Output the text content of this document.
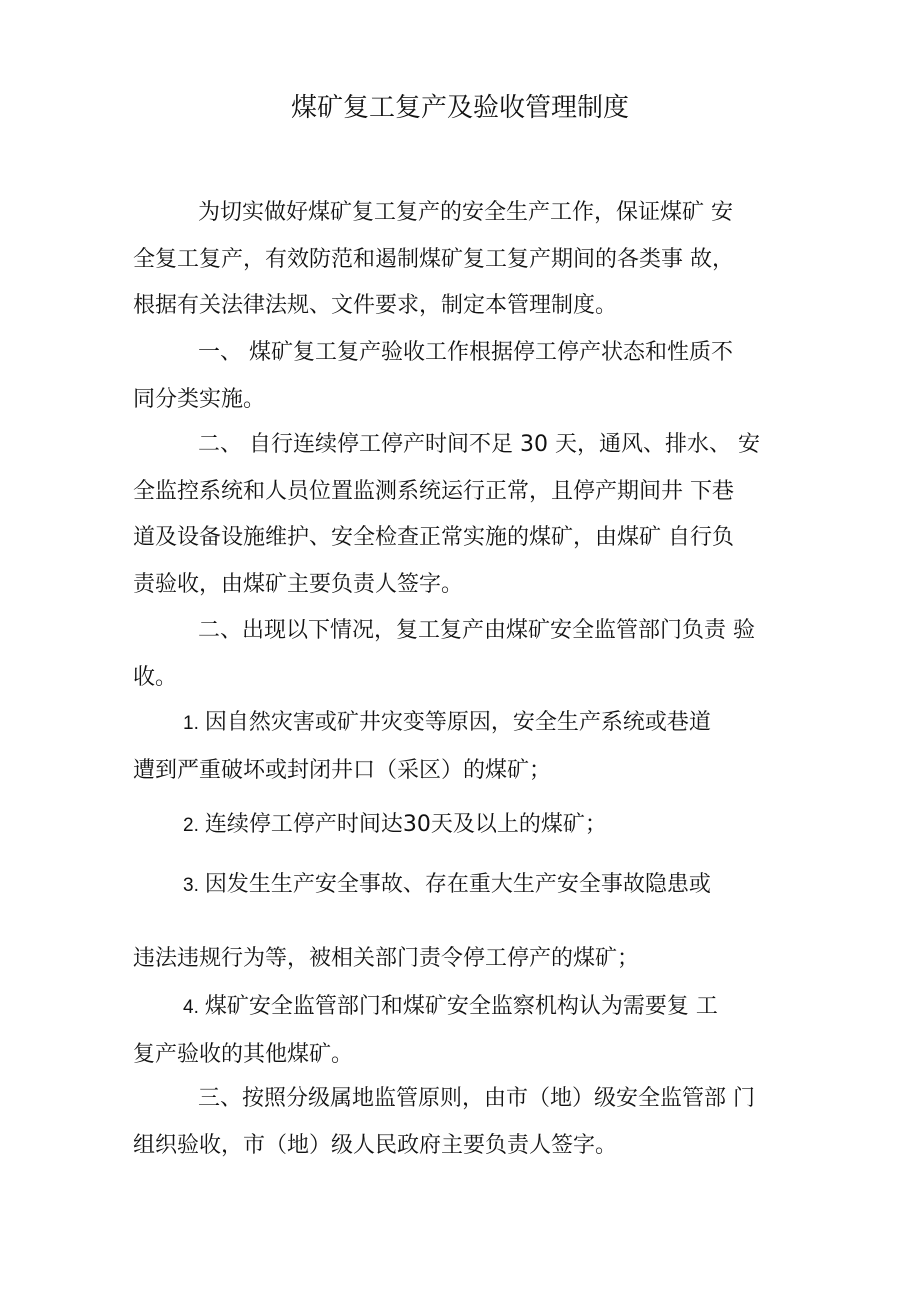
煤矿复工复产及验收管理制度
为切实做好煤矿复工复产的安全生产工作，保证煤矿 安
全复工复产，有效防范和遏制煤矿复工复产期间的各类事 故，
根据有关法律法规、文件要求，制定本管理制度。
一、 煤矿复工复产验收工作根据停工停产状态和性质不
同分类实施。
二、 自行连续停工停产时间不足 30 天，通风、排水、 安
全监控系统和人员位置监测系统运行正常，且停产期间井 下巷
道及设备设施维护、安全检查正常实施的煤矿，由煤矿 自行负
责验收，由煤矿主要负责人签字。
二、出现以下情况，复工复产由煤矿安全监管部门负责 验
收。
1. 因自然灾害或矿井灾变等原因，安全生产系统或巷道
遭到严重破坏或封闭井口（采区）的煤矿；
2. 连续停工停产时间达30天及以上的煤矿；
3. 因发生生产安全事故、存在重大生产安全事故隐患或
违法违规行为等，被相关部门责令停工停产的煤矿；
4. 煤矿安全监管部门和煤矿安全监察机构认为需要复 工
复产验收的其他煤矿。
三、按照分级属地监管原则，由市（地）级安全监管部 门
组织验收，市（地）级人民政府主要负责人签字。
